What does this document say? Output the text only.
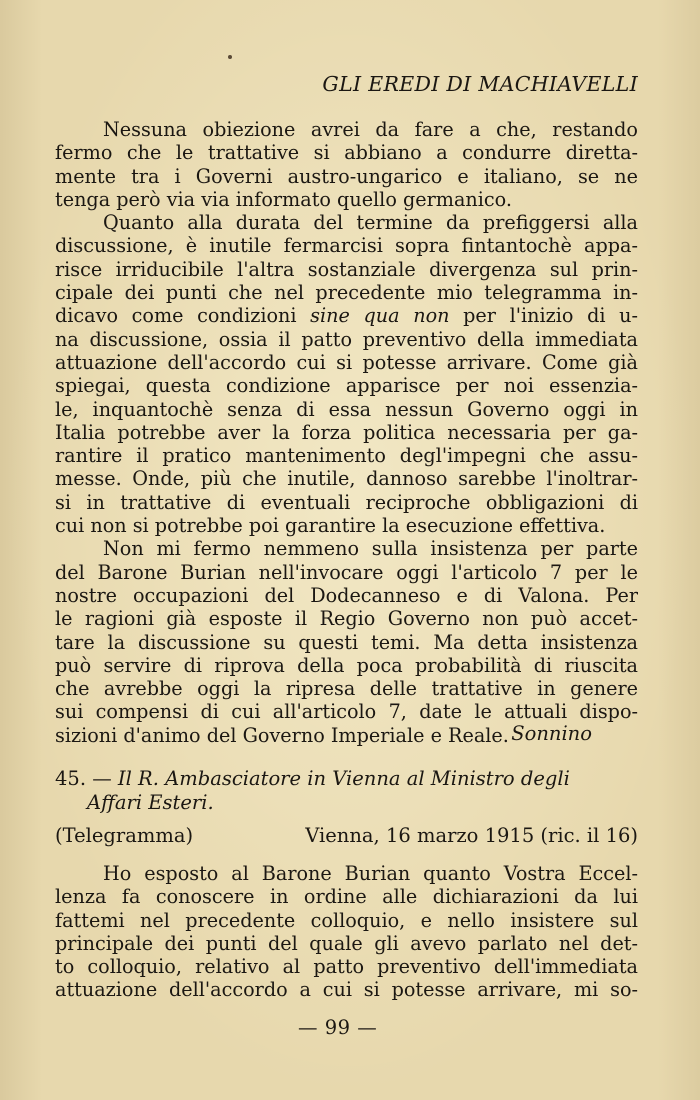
GLI EREDI DI MACHIAVELLI
Nessuna obiezione avrei da fare a che, restando
fermo che le trattative si abbiano a condurre diretta-
mente tra i Governi austro-ungarico e italiano, se ne
tenga però via via informato quello germanico.
Quanto alla durata del termine da prefiggersi alla
discussione, è inutile fermarcisi sopra fintantochè appa-
risce irriducibile l'altra sostanziale divergenza sul prin-
cipale dei punti che nel precedente mio telegramma in-
dicavo come condizioni sine qua non per l'inizio di u-
na discussione, ossia il patto preventivo della immediata
attuazione dell'accordo cui si potesse arrivare. Come già
spiegai, questa condizione apparisce per noi essenzia-
le, inquantochè senza di essa nessun Governo oggi in
Italia potrebbe aver la forza politica necessaria per ga-
rantire il pratico mantenimento degl'impegni che assu-
messe. Onde, più che inutile, dannoso sarebbe l'inoltrar-
si in trattative di eventuali reciproche obbligazioni di
cui non si potrebbe poi garantire la esecuzione effettiva.
Non mi fermo nemmeno sulla insistenza per parte
del Barone Burian nell'invocare oggi l'articolo 7 per le
nostre occupazioni del Dodecanneso e di Valona. Per
le ragioni già esposte il Regio Governo non può accet-
tare la discussione su questi temi. Ma detta insistenza
può servire di riprova della poca probabilità di riuscita
che avrebbe oggi la ripresa delle trattative in genere
sui compensi di cui all'articolo 7, date le attuali dispo-
sizioni d'animo del Governo Imperiale e Reale. Sonnino
45. — Il R. Ambasciatore in Vienna al Ministro degli
Affari Esteri.
(Telegramma)	Vienna, 16 marzo 1915 (ric. il 16)
Ho esposto al Barone Burian quanto Vostra Eccel-
lenza fa conoscere in ordine alle dichiarazioni da lui
fattemi nel precedente colloquio, e nello insistere sul
principale dei punti del quale gli avevo parlato nel det-
to colloquio, relativo al patto preventivo dell'immediata
attuazione dell'accordo a cui si potesse arrivare, mi so-
— 99 —
